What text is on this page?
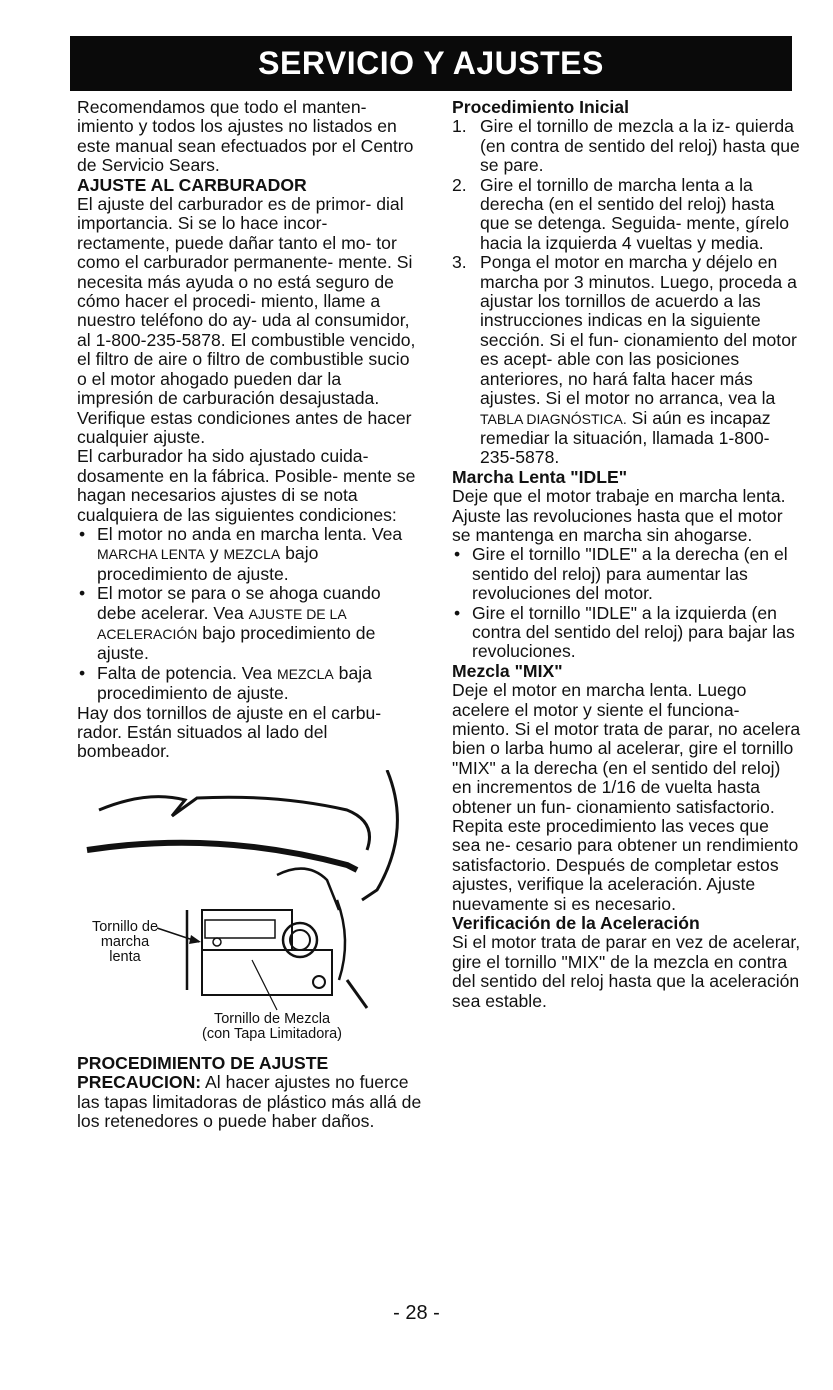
SERVICIO Y AJUSTES

Recomendamos que todo el manten- imiento y todos los ajustes no listados en este manual sean efectuados por el Centro de Servicio Sears.

AJUSTE AL CARBURADOR

El ajuste del carburador es de primor- dial importancia. Si se lo hace incor- rectamente, puede dañar tanto el mo- tor como el carburador permanente- mente. Si necesita más ayuda o no está seguro de cómo hacer el procedi- miento, llame a nuestro teléfono do ay- uda al consumidor, al 1-800-235-5878. El combustible vencido, el filtro de aire o filtro de combustible sucio o el motor ahogado pueden dar la impresión de carburación desajustada. Verifique estas condiciones antes de hacer cualquier ajuste.

El carburador ha sido ajustado cuida- dosamente en la fábrica. Posible- mente se hagan necesarios ajustes di se nota cualquiera de las siguientes condiciones:

• El motor no anda en marcha lenta. Vea MARCHA LENTA y MEZCLA bajo procedimiento de ajuste.
• El motor se para o se ahoga cuando debe acelerar. Vea AJUSTE DE LA ACELERACIÓN bajo procedimiento de ajuste.
• Falta de potencia. Vea MEZCLA baja procedimiento de ajuste.

Hay dos tornillos de ajuste en el carbu- rador. Están situados al lado del bombeador.

Tornillo de
marcha
lenta
Tornillo de Mezcla
(con Tapa Limitadora)

PROCEDIMIENTO DE AJUSTE

PRECAUCION: Al hacer ajustes no fuerce las tapas limitadoras de plástico más allá de los retenedores o puede haber daños.

Procedimiento Inicial

1. Gire el tornillo de mezcla a la iz- quierda (en contra de sentido del reloj) hasta que se pare.
2. Gire el tornillo de marcha lenta a la derecha (en el sentido del reloj) hasta que se detenga. Seguida- mente, gírelo hacia la izquierda 4 vueltas y media.
3. Ponga el motor en marcha y déjelo en marcha por 3 minutos. Luego, proceda a ajustar los tornillos de acuerdo a las instrucciones indicas en la siguiente sección. Si el fun- cionamiento del motor es acept- able con las posiciones anteriores, no hará falta hacer más ajustes. Si el motor no arranca, vea la TABLA DIAGNÓSTICA. Si aún es incapaz remediar la situación, llamada 1-800-235-5878.

Marcha Lenta "IDLE"

Deje que el motor trabaje en marcha lenta. Ajuste las revoluciones hasta que el motor se mantenga en marcha sin ahogarse.

• Gire el tornillo "IDLE" a la derecha (en el sentido del reloj) para aumentar las revoluciones del motor.
• Gire el tornillo "IDLE" a la izquierda (en contra del sentido del reloj) para bajar las revoluciones.

Mezcla "MIX"

Deje el motor en marcha lenta. Luego acelere el motor y siente el funciona- miento. Si el motor trata de parar, no acelera bien o larba humo al acelerar, gire el tornillo "MIX" a la derecha (en el sentido del reloj) en incrementos de 1/16 de vuelta hasta obtener un fun- cionamiento satisfactorio. Repita este procedimiento las veces que sea ne- cesario para obtener un rendimiento satisfactorio. Después de completar estos ajustes, verifique la aceleración. Ajuste nuevamente si es necesario.

Verificación de la Aceleración

Si el motor trata de parar en vez de acelerar, gire el tornillo "MIX" de la mezcla en contra del sentido del reloj hasta que la aceleración sea estable.

- 28 -
